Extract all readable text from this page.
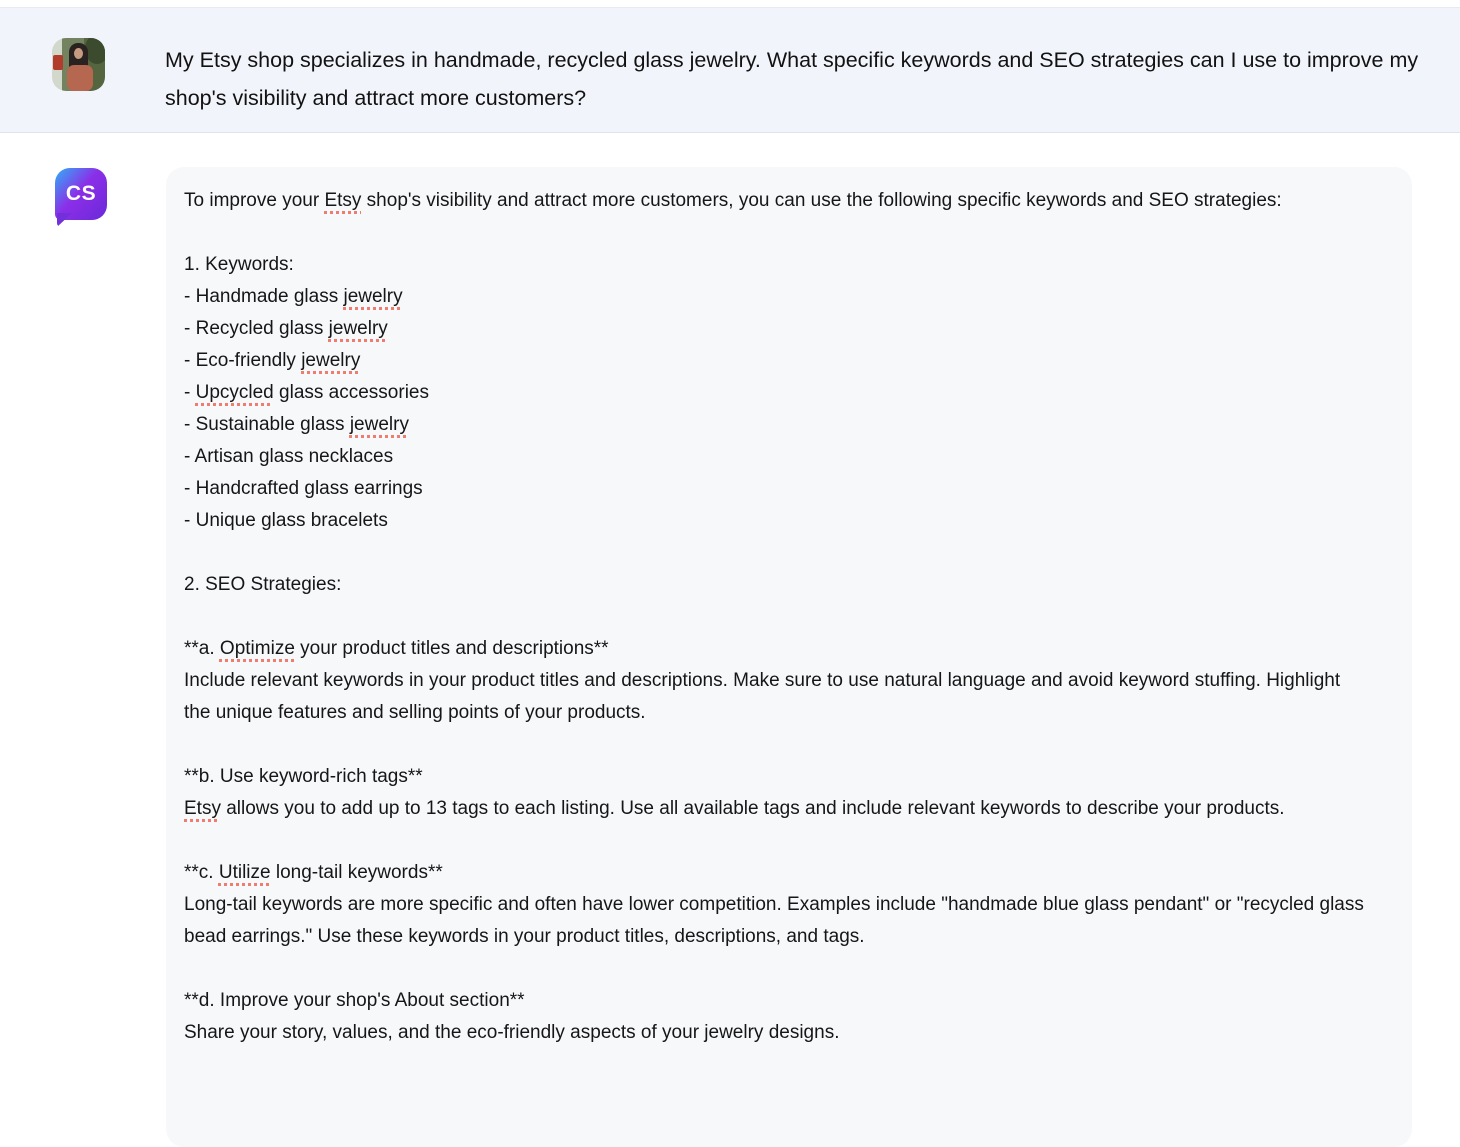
My Etsy shop specializes in handmade, recycled glass jewelry. What specific keywords and SEO strategies can I use to improve my shop's visibility and attract more customers?
CS	To improve your Etsy shop's visibility and attract more customers, you can use the following specific keywords and SEO strategies:
1. Keywords:
- Handmade glass jewelry
- Recycled glass jewelry
- Eco-friendly jewelry
- Upcycled glass accessories
- Sustainable glass jewelry
- Artisan glass necklaces
- Handcrafted glass earrings
- Unique glass bracelets
2. SEO Strategies:
**a. Optimize your product titles and descriptions**
Include relevant keywords in your product titles and descriptions. Make sure to use natural language and avoid keyword stuffing. Highlight the unique features and selling points of your products.
**b. Use keyword-rich tags**
Etsy allows you to add up to 13 tags to each listing. Use all available tags and include relevant keywords to describe your products.
**c. Utilize long-tail keywords**
Long-tail keywords are more specific and often have lower competition. Examples include "handmade blue glass pendant" or "recycled glass bead earrings." Use these keywords in your product titles, descriptions, and tags.
**d. Improve your shop's About section**
Share your story, values, and the eco-friendly aspects of your jewelry designs.
